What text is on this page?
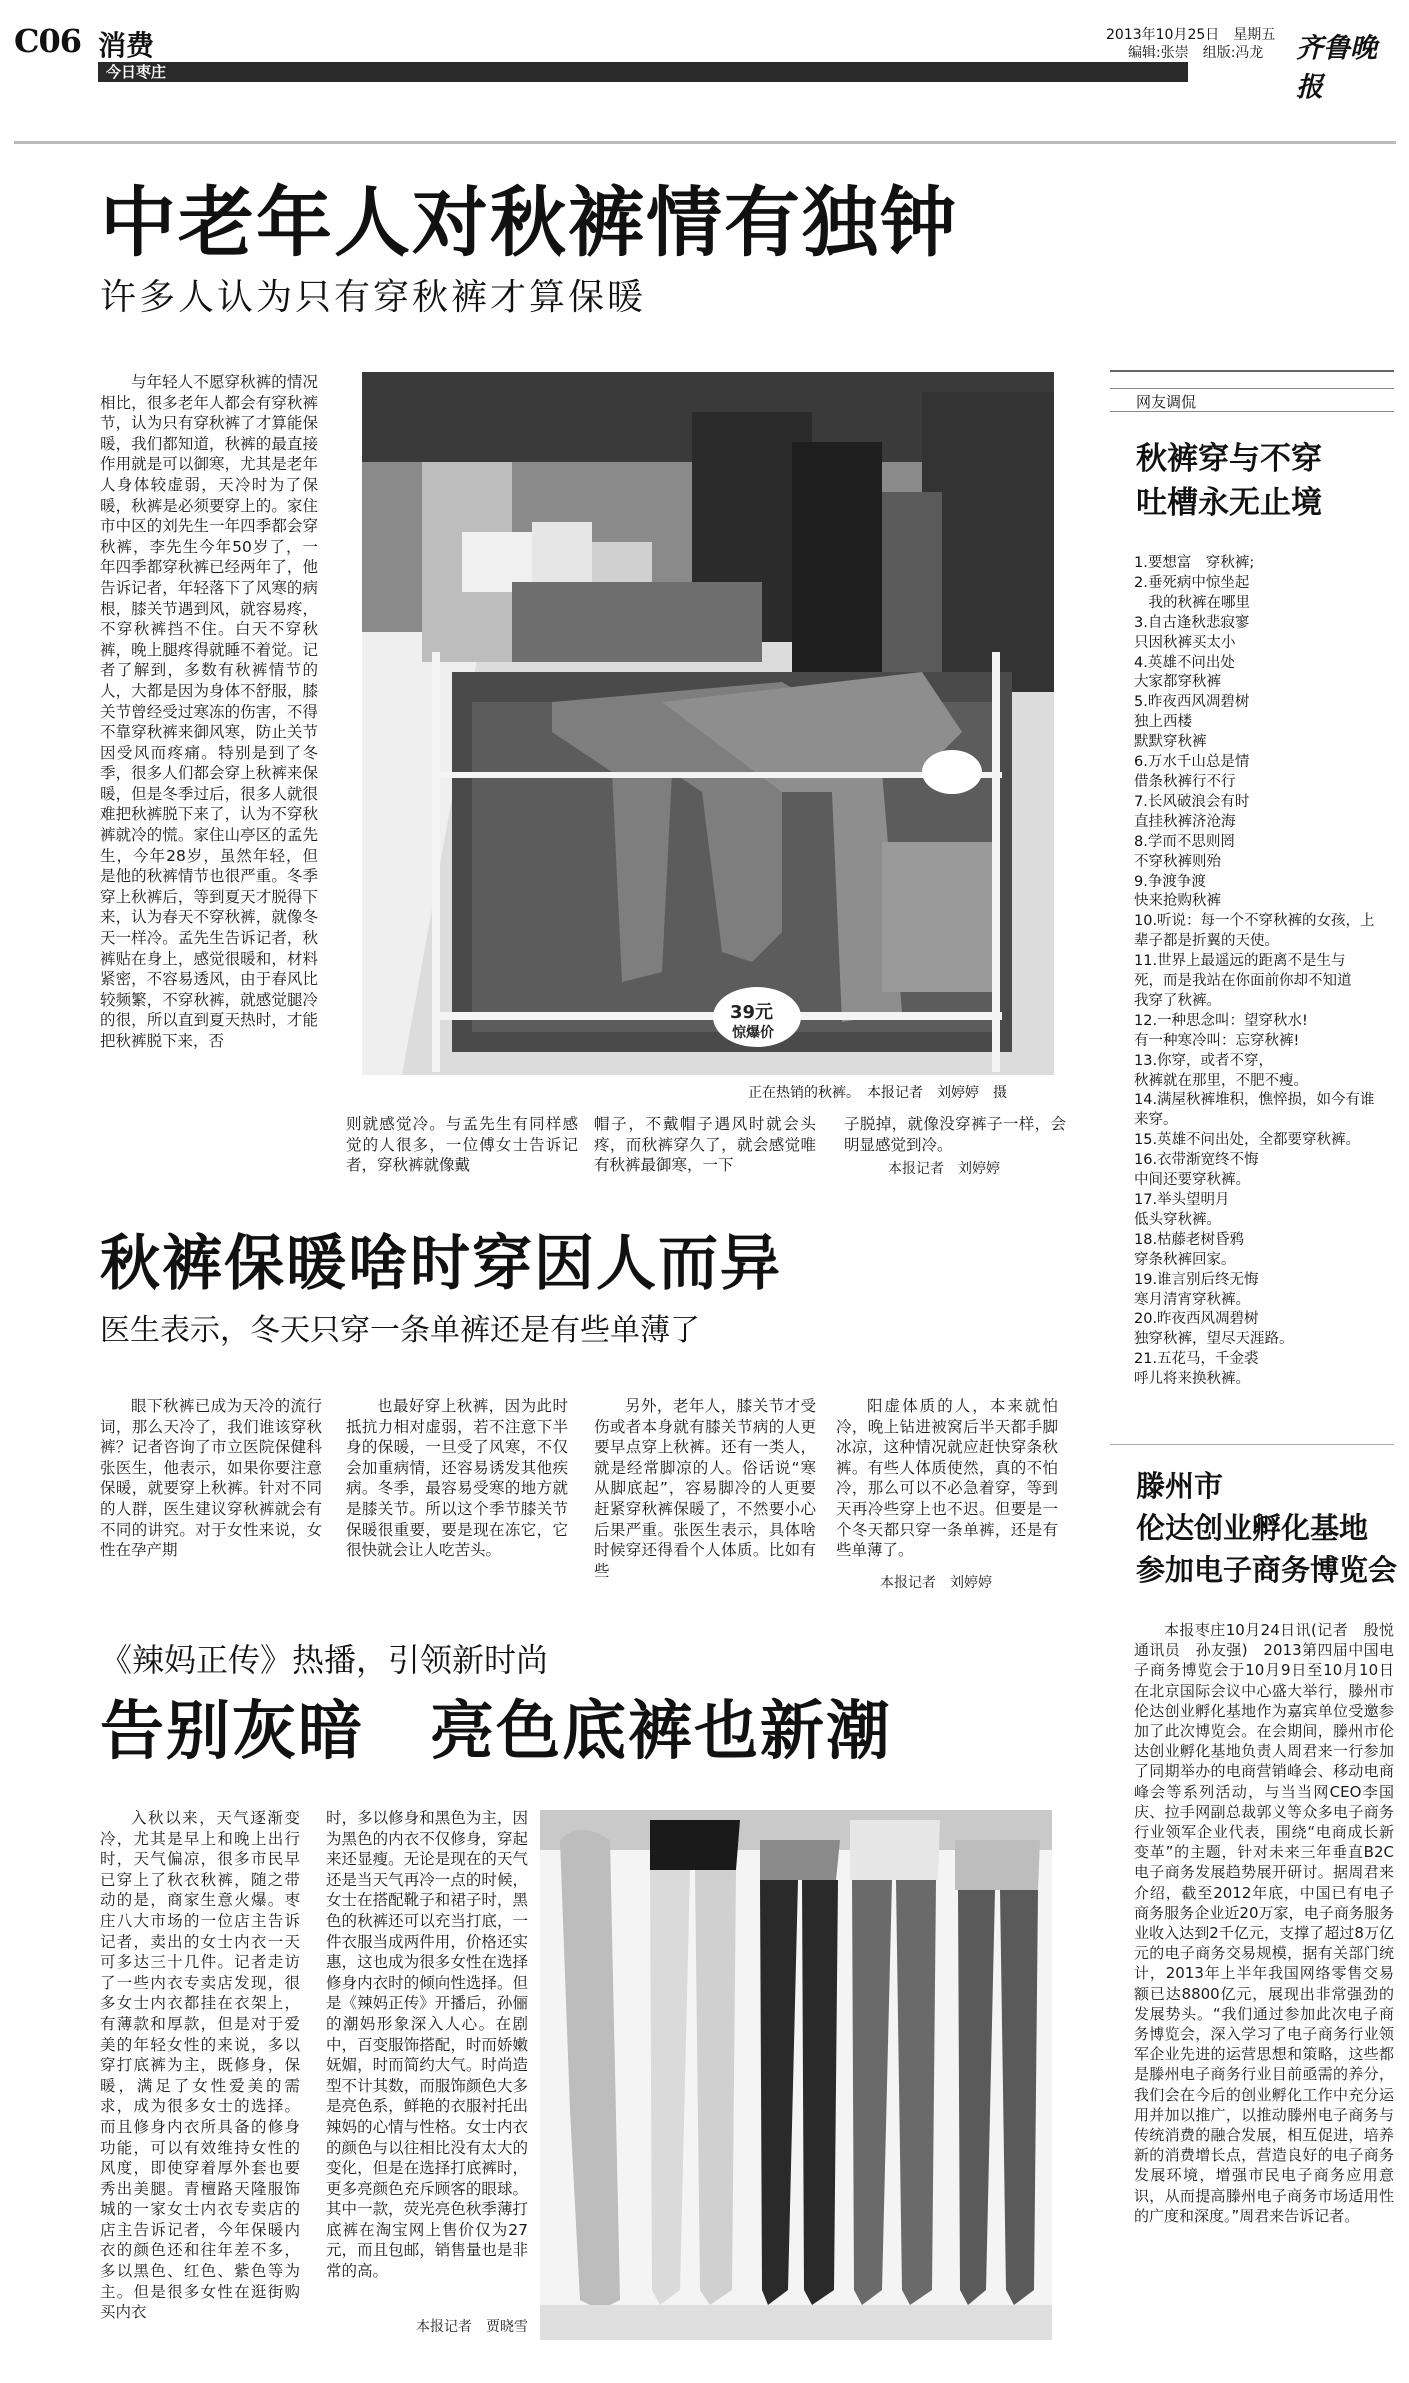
C06 消费
今日枣庄
2013年10月25日　星期五
编辑:张崇　组版:冯龙 齐鲁晚报
中老年人对秋裤情有独钟
许多人认为只有穿秋裤才算保暖
与年轻人不愿穿秋裤的情况相比，很多老年人都会有穿秋裤节，认为只有穿秋裤了才算能保暖，我们都知道，秋裤的最直接作用就是可以御寒，尤其是老年人身体较虚弱，天冷时为了保暖，秋裤是必须要穿上的。家住市中区的刘先生一年四季都会穿秋裤，李先生今年50岁了，一年四季都穿秋裤已经两年了，他告诉记者，年轻落下了风寒的病根，膝关节遇到风，就容易疼，不穿秋裤挡不住。白天不穿秋裤，晚上腿疼得就睡不着觉。记者了解到，多数有秋裤情节的人，大都是因为身体不舒服，膝关节曾经受过寒冻的伤害，不得不靠穿秋裤来御风寒，防止关节因受风而疼痛。特别是到了冬季，很多人们都会穿上秋裤来保暖，但是冬季过后，很多人就很难把秋裤脱下来了，认为不穿秋裤就冷的慌。家住山亭区的孟先生，今年28岁，虽然年轻，但是他的秋裤情节也很严重。冬季穿上秋裤后，等到夏天才脱得下来，认为春天不穿秋裤，就像冬天一样冷。孟先生告诉记者，秋裤贴在身上，感觉很暖和，材料紧密，不容易透风，由于春风比较频繁，不穿秋裤，就感觉腿冷的很，所以直到夏天热时，才能把秋裤脱下来，否
39元
惊爆价
正在热销的秋裤。　本报记者　刘婷婷　摄
则就感觉冷。与孟先生有同样感觉的人很多，一位傅女士告诉记者，穿秋裤就像戴
帽子，不戴帽子遇风时就会头疼，而秋裤穿久了，就会感觉唯有秋裤最御寒，一下
子脱掉，就像没穿裤子一样，会明显感觉到冷。
本报记者　刘婷婷
秋裤保暖啥时穿因人而异
医生表示，冬天只穿一条单裤还是有些单薄了
眼下秋裤已成为天冷的流行词，那么天冷了，我们谁该穿秋裤？记者咨询了市立医院保健科张医生，他表示，如果你要注意保暖，就要穿上秋裤。针对不同的人群，医生建议穿秋裤就会有不同的讲究。对于女性来说，女性在孕产期
也最好穿上秋裤，因为此时抵抗力相对虚弱，若不注意下半身的保暖，一旦受了风寒，不仅会加重病情，还容易诱发其他疾病。冬季，最容易受寒的地方就是膝关节。所以这个季节膝关节保暖很重要，要是现在冻它，它很快就会让人吃苦头。
另外，老年人，膝关节才受伤或者本身就有膝关节病的人更要早点穿上秋裤。还有一类人，就是经常脚凉的人。俗话说“寒从脚底起”，容易脚冷的人更要赶紧穿秋裤保暖了，不然要小心后果严重。张医生表示，具体啥时候穿还得看个人体质。比如有些
阳虚体质的人，本来就怕冷，晚上钻进被窝后半天都手脚冰凉，这种情况就应赶快穿条秋裤。有些人体质使然，真的不怕冷，那么可以不必急着穿，等到天再冷些穿上也不迟。但要是一个冬天都只穿一条单裤，还是有些单薄了。
本报记者　刘婷婷
《辣妈正传》热播，引领新时尚
告别灰暗　亮色底裤也新潮
入秋以来，天气逐渐变冷，尤其是早上和晚上出行时，天气偏凉，很多市民早已穿上了秋衣秋裤，随之带动的是，商家生意火爆。枣庄八大市场的一位店主告诉记者，卖出的女士内衣一天可多达三十几件。记者走访了一些内衣专卖店发现，很多女士内衣都挂在衣架上，有薄款和厚款，但是对于爱美的年轻女性的来说，多以穿打底裤为主，既修身，保暖，满足了女性爱美的需求，成为很多女士的选择。而且修身内衣所具备的修身功能，可以有效维持女性的风度，即使穿着厚外套也要秀出美腿。青檀路天隆服饰城的一家女士内衣专卖店的店主告诉记者，今年保暖内衣的颜色还和往年差不多，多以黑色、红色、紫色等为主。但是很多女性在逛街购买内衣
时，多以修身和黑色为主，因为黑色的内衣不仅修身，穿起来还显瘦。无论是现在的天气还是当天气再冷一点的时候，女士在搭配靴子和裙子时，黑色的秋裤还可以充当打底，一件衣服当成两件用，价格还实惠，这也成为很多女性在选择修身内衣时的倾向性选择。但是《辣妈正传》开播后，孙俪的潮妈形象深入人心。在剧中，百变服饰搭配，时而娇嫩妩媚，时而简约大气。时尚造型不计其数，而服饰颜色大多是亮色系，鲜艳的衣服衬托出辣妈的心情与性格。女士内衣的颜色与以往相比没有太大的变化，但是在选择打底裤时，更多亮颜色充斥顾客的眼球。其中一款，荧光亮色秋季薄打底裤在淘宝网上售价仅为27元，而且包邮，销售量也是非常的高。
本报记者　贾晓雪
网友调侃
秋裤穿与不穿
吐槽永无止境
1.要想富　穿秋裤;
2.垂死病中惊坐起
　我的秋裤在哪里
3.自古逢秋悲寂寥
只因秋裤买太小
4.英雄不问出处
大家都穿秋裤
5.昨夜西风凋碧树
独上西楼
默默穿秋裤
6.万水千山总是情
借条秋裤行不行
7.长风破浪会有时
直挂秋裤济沧海
8.学而不思则罔
不穿秋裤则殆
9.争渡争渡
快来抢购秋裤
10.听说：每一个不穿秋裤的女孩，上
辈子都是折翼的天使。
11.世界上最遥远的距离不是生与
死，而是我站在你面前你却不知道
我穿了秋裤。
12.一种思念叫：望穿秋水!
有一种寒冷叫：忘穿秋裤!
13.你穿，或者不穿，
秋裤就在那里，不肥不瘦。
14.满屋秋裤堆积，憔悴损，如今有谁
来穿。
15.英雄不问出处，全都要穿秋裤。
16.衣带渐宽终不悔
中间还要穿秋裤。
17.举头望明月
低头穿秋裤。
18.枯藤老树昏鸦
穿条秋裤回家。
19.谁言别后终无悔
寒月清宵穿秋裤。
20.昨夜西风凋碧树
独穿秋裤，望尽天涯路。
21.五花马，千金裘
呼儿将来换秋裤。
滕州市
伦达创业孵化基地
参加电子商务博览会
本报枣庄10月24日讯(记者　殷悦　通讯员　孙友强)　2013第四届中国电子商务博览会于10月9日至10月10日在北京国际会议中心盛大举行，滕州市伦达创业孵化基地作为嘉宾单位受邀参加了此次博览会。在会期间，滕州市伦达创业孵化基地负责人周君来一行参加了同期举办的电商营销峰会、移动电商峰会等系列活动，与当当网CEO李国庆、拉手网副总裁郭义等众多电子商务行业领军企业代表，围绕“电商成长新变革”的主题，针对未来三年垂直B2C电子商务发展趋势展开研讨。据周君来介绍，截至2012年底，中国已有电子商务服务企业近20万家，电子商务服务业收入达到2千亿元，支撑了超过8万亿元的电子商务交易规模，据有关部门统计，2013年上半年我国网络零售交易额已达8800亿元，展现出非常强劲的发展势头。“我们通过参加此次电子商务博览会，深入学习了电子商务行业领军企业先进的运营思想和策略，这些都是滕州电子商务行业目前亟需的养分，我们会在今后的创业孵化工作中充分运用并加以推广，以推动滕州电子商务与传统消费的融合发展，相互促进，培养新的消费增长点，营造良好的电子商务发展环境，增强市民电子商务应用意识，从而提高滕州电子商务市场适用性的广度和深度。”周君来告诉记者。
